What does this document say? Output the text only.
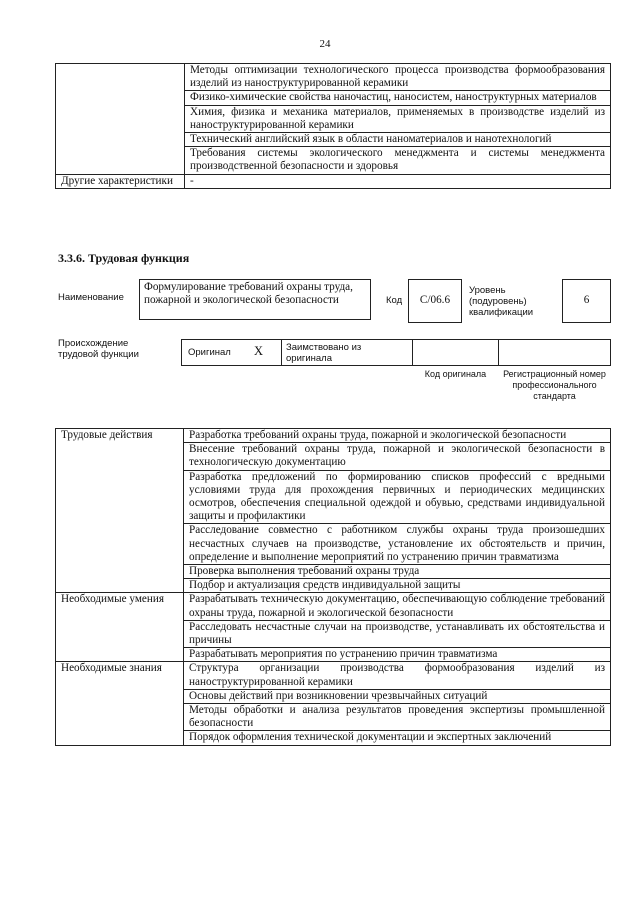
24
	Методы оптимизации технологического процесса производства формообразования изделий из наноструктурированной керамики
	Физико-химические свойства наночастиц, наносистем, наноструктурных материалов
	Химия, физика и механика материалов, применяемых в производстве изделий из наноструктурированной керамики
	Технический английский язык в области наноматериалов и нанотехнологий
	Требования системы экологического менеджмента и системы менеджмента производственной безопасности и здоровья
Другие характеристики	-
3.3.6. Трудовая функция
Наименование
Формулирование требований охраны труда, пожарной и экологической безопасности	Код С/06.6
Уровень (подуровень) квалификации
6
Происхождение трудовой функции	Оригинал X Заимствовано из оригинала
Код оригинала	Регистрационный номер профессионального стандарта
Трудовые действия	Разработка требований охраны труда, пожарной и экологической безопасности
	Внесение требований охраны труда, пожарной и экологической безопасности в технологическую документацию
	Разработка предложений по формированию списков профессий с вредными условиями труда для прохождения первичных и периодических медицинских осмотров, обеспечения специальной одеждой и обувью, средствами индивидуальной защиты и профилактики
	Расследование совместно с работником службы охраны труда произошедших несчастных случаев на производстве, установление их обстоятельств и причин, определение и выполнение мероприятий по устранению причин травматизма
	Проверка выполнения требований охраны труда
	Подбор и актуализация средств индивидуальной защиты
Необходимые умения	Разрабатывать техническую документацию, обеспечивающую соблюдение требований охраны труда, пожарной и экологической безопасности
	Расследовать несчастные случаи на производстве, устанавливать их обстоятельства и причины
	Разрабатывать мероприятия по устранению причин травматизма
Необходимые знания	Структура организации производства формообразования изделий из наноструктурированной керамики
	Основы действий при возникновении чрезвычайных ситуаций
	Методы обработки и анализа результатов проведения экспертизы промышленной безопасности
	Порядок оформления технической документации и экспертных заключений
